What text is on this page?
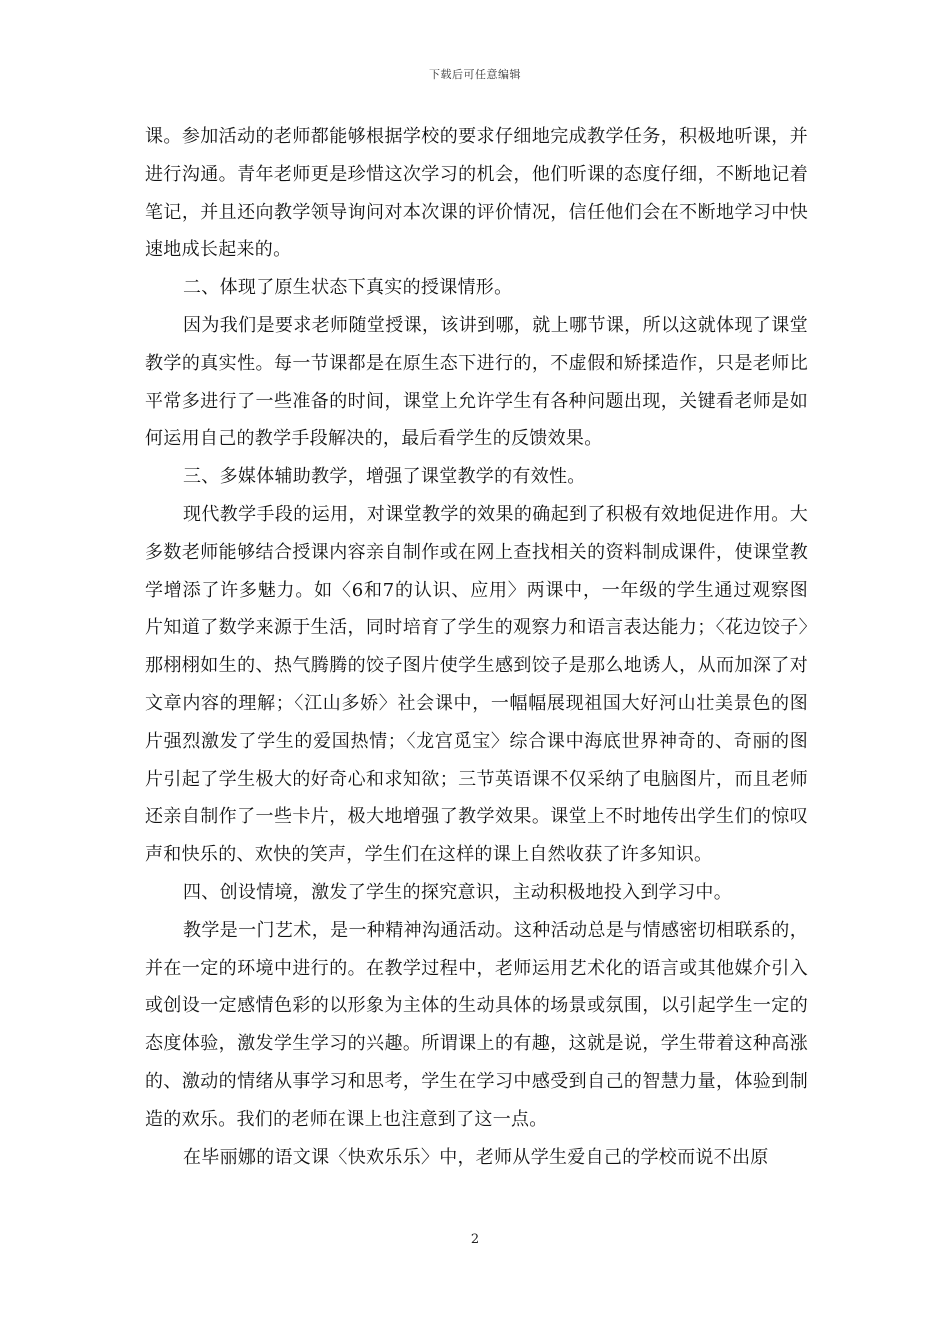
下载后可任意编辑

课。参加活动的老师都能够根据学校的要求仔细地完成教学任务，积极地听课，并进行沟通。青年老师更是珍惜这次学习的机会，他们听课的态度仔细，不断地记着笔记，并且还向教学领导询问对本次课的评价情况，信任他们会在不断地学习中快速地成长起来的。

二、体现了原生状态下真实的授课情形。

因为我们是要求老师随堂授课，该讲到哪，就上哪节课，所以这就体现了课堂教学的真实性。每一节课都是在原生态下进行的，不虚假和矫揉造作，只是老师比平常多进行了一些准备的时间，课堂上允许学生有各种问题出现，关键看老师是如何运用自己的教学手段解决的，最后看学生的反馈效果。

三、多媒体辅助教学，增强了课堂教学的有效性。

现代教学手段的运用，对课堂教学的效果的确起到了积极有效地促进作用。大多数老师能够结合授课内容亲自制作或在网上查找相关的资料制成课件，使课堂教学增添了许多魅力。如〈6和7的认识、应用〉两课中，一年级的学生通过观察图片知道了数学来源于生活，同时培育了学生的观察力和语言表达能力；〈花边饺子〉那栩栩如生的、热气腾腾的饺子图片使学生感到饺子是那么地诱人，从而加深了对文章内容的理解；〈江山多娇〉社会课中，一幅幅展现祖国大好河山壮美景色的图片强烈激发了学生的爱国热情；〈龙宫觅宝〉综合课中海底世界神奇的、奇丽的图片引起了学生极大的好奇心和求知欲；三节英语课不仅采纳了电脑图片，而且老师还亲自制作了一些卡片，极大地增强了教学效果。课堂上不时地传出学生们的惊叹声和快乐的、欢快的笑声，学生们在这样的课上自然收获了许多知识。

四、创设情境，激发了学生的探究意识，主动积极地投入到学习中。

教学是一门艺术，是一种精神沟通活动。这种活动总是与情感密切相联系的，并在一定的环境中进行的。在教学过程中，老师运用艺术化的语言或其他媒介引入或创设一定感情色彩的以形象为主体的生动具体的场景或氛围，以引起学生一定的态度体验，激发学生学习的兴趣。所谓课上的有趣，这就是说，学生带着这种高涨的、激动的情绪从事学习和思考，学生在学习中感受到自己的智慧力量，体验到制造的欢乐。我们的老师在课上也注意到了这一点。

在毕丽娜的语文课〈快欢乐乐〉中，老师从学生爱自己的学校而说不出原

2
